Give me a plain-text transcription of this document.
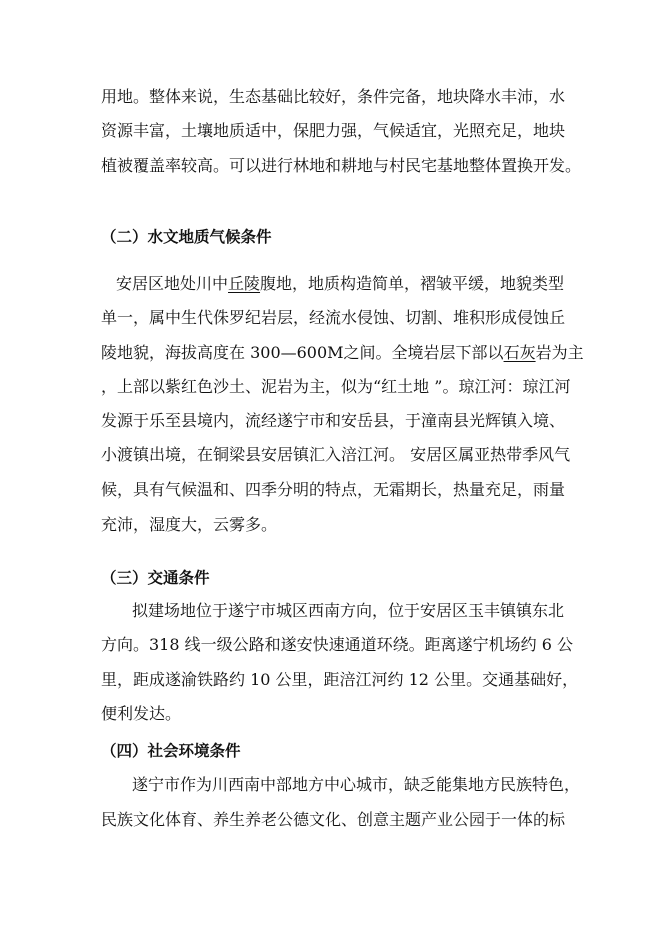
用地。整体来说，生态基础比较好，条件完备，地块降水丰沛，水
资源丰富，土壤地质适中，保肥力强，气候适宜，光照充足，地块
植被覆盖率较高。可以进行林地和耕地与村民宅基地整体置换开发。
（二）水文地质气候条件
安居区地处川中丘陵腹地，地质构造简单，褶皱平缓，地貌类型
单一，属中生代侏罗纪岩层，经流水侵蚀、切割、堆积形成侵蚀丘
陵地貌，海拔高度在 300—600M之间。全境岩层下部以石灰岩为主
，上部以紫红色沙土、泥岩为主，似为“红土地 ”。琼江河：琼江河
发源于乐至县境内，流经遂宁市和安岳县，于潼南县光辉镇入境、
小渡镇出境，在铜梁县安居镇汇入涪江河。 安居区属亚热带季风气
候，具有气候温和、四季分明的特点，无霜期长，热量充足，雨量
充沛，湿度大，云雾多。
（三）交通条件
拟建场地位于遂宁市城区西南方向，位于安居区玉丰镇镇东北
方向。318 线一级公路和遂安快速通道环绕。距离遂宁机场约 6 公
里，距成遂渝铁路约 10 公里，距涪江河约 12 公里。交通基础好，
便利发达。
（四）社会环境条件
遂宁市作为川西南中部地方中心城市，缺乏能集地方民族特色，
民族文化体育、养生养老公德文化、创意主题产业公园于一体的标
